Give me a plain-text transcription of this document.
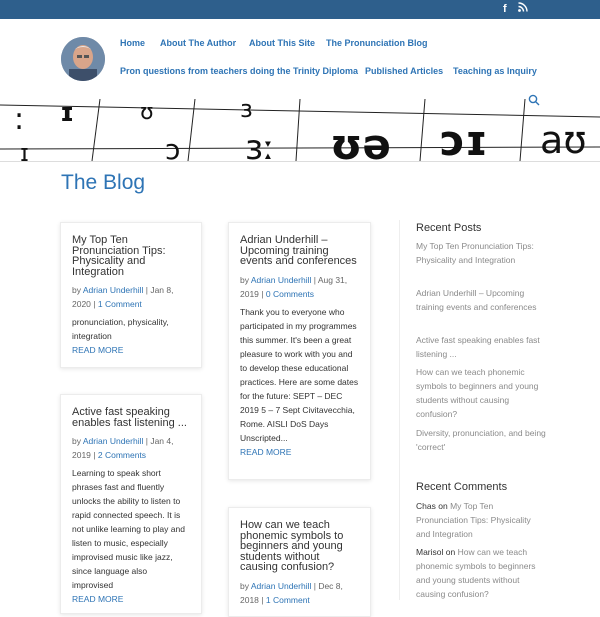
f
Home About The Author About This Site The Pronunciation Blog
Pron questions from teachers doing the Trinity Diploma Published Articles Teaching as Inquiry
: ɪ	ʊ	ɜ
ɔ ɜː ʊə ɔɪ aʊ
ɪ
The Blog
My Top Ten Pronunciation Tips: Physicality and Integration
by Adrian Underhill | Jan 8, 2020 | 1 Comment
pronunciation, physicality, integration
READ MORE
Adrian Underhill – Upcoming training events and conferences
by Adrian Underhill | Aug 31, 2019 | 0 Comments
Thank you to everyone who participated in my programmes this summer. It's been a great pleasure to work with you and to develop these educational practices. Here are some dates for the future: SEPT – DEC 2019 5 – 7 Sept Civitavecchia, Rome. AISLI DoS Days Unscripted...
READ MORE
Active fast speaking enables fast listening ...
by Adrian Underhill | Jan 4, 2019 | 2 Comments
Learning to speak short phrases fast and fluently unlocks the ability to listen to rapid connected speech. It is not unlike learning to play and listen to music, especially improvised music like jazz, since language also improvised
READ MORE
How can we teach phonemic symbols to beginners and young students without causing confusion?
by Adrian Underhill | Dec 8, 2018 | 1 Comment
Recent Posts
My Top Ten Pronunciation Tips: Physicality and Integration
Adrian Underhill – Upcoming training events and conferences
Active fast speaking enables fast listening ...
How can we teach phonemic symbols to beginners and young students without causing confusion?
Diversity, pronunciation, and being 'correct'
Recent Comments
Chas on My Top Ten Pronunciation Tips: Physicality and Integration
Marisol on How can we teach phonemic symbols to beginners and young students without causing confusion?
